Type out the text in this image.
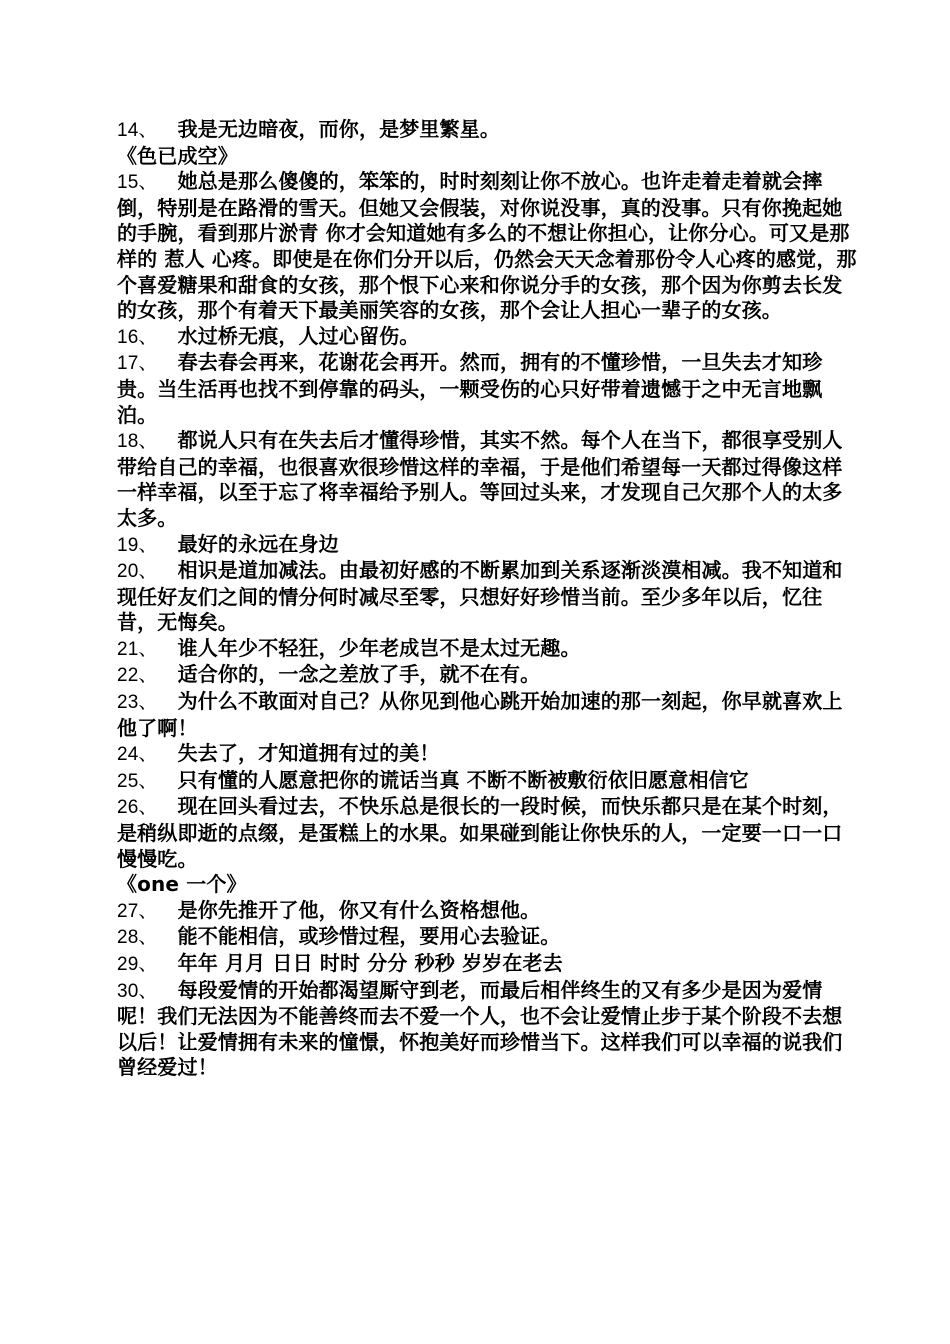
14、 我是无边暗夜，而你，是梦里繁星。

《色已成空》

15、 她总是那么傻傻的，笨笨的，时时刻刻让你不放心。也许走着走着就会摔倒，特别是在路滑的雪天。但她又会假装，对你说没事，真的没事。只有你挽起她的手腕，看到那片淤青 你才会知道她有多么的不想让你担心，让你分心。可又是那样的 惹人 心疼。即使是在你们分开以后，仍然会天天念着那份令人心疼的感觉，那个喜爱糖果和甜食的女孩，那个恨下心来和你说分手的女孩，那个因为你剪去长发的女孩，那个有着天下最美丽笑容的女孩，那个会让人担心一辈子的女孩。

16、 水过桥无痕，人过心留伤。

17、 春去春会再来，花谢花会再开。然而，拥有的不懂珍惜，一旦失去才知珍贵。当生活再也找不到停靠的码头，一颗受伤的心只好带着遗憾于之中无言地飘泊。

18、 都说人只有在失去后才懂得珍惜，其实不然。每个人在当下，都很享受别人带给自己的幸福，也很喜欢很珍惜这样的幸福，于是他们希望每一天都过得像这样一样幸福，以至于忘了将幸福给予别人。等回过头来，才发现自己欠那个人的太多太多。

19、 最好的永远在身边

20、 相识是道加减法。由最初好感的不断累加到关系逐渐淡漠相减。我不知道和现任好友们之间的情分何时减尽至零，只想好好珍惜当前。至少多年以后，忆往昔，无悔矣。

21、 谁人年少不轻狂，少年老成岂不是太过无趣。

22、 适合你的，一念之差放了手，就不在有。

23、 为什么不敢面对自己？从你见到他心跳开始加速的那一刻起，你早就喜欢上他了啊！

24、 失去了，才知道拥有过的美！

25、 只有懂的人愿意把你的谎话当真 不断不断被敷衍依旧愿意相信它

26、 现在回头看过去，不快乐总是很长的一段时候，而快乐都只是在某个时刻，是稍纵即逝的点缀，是蛋糕上的水果。如果碰到能让你快乐的人，一定要一口一口慢慢吃。

《one 一个》

27、 是你先推开了他，你又有什么资格想他。

28、 能不能相信，或珍惜过程，要用心去验证。

29、 年年 月月 日日 时时 分分 秒秒 岁岁在老去

30、 每段爱情的开始都渴望厮守到老，而最后相伴终生的又有多少是因为爱情呢！我们无法因为不能善终而去不爱一个人，也不会让爱情止步于某个阶段不去想以后！让爱情拥有未来的憧憬，怀抱美好而珍惜当下。这样我们可以幸福的说我们曾经爱过！
